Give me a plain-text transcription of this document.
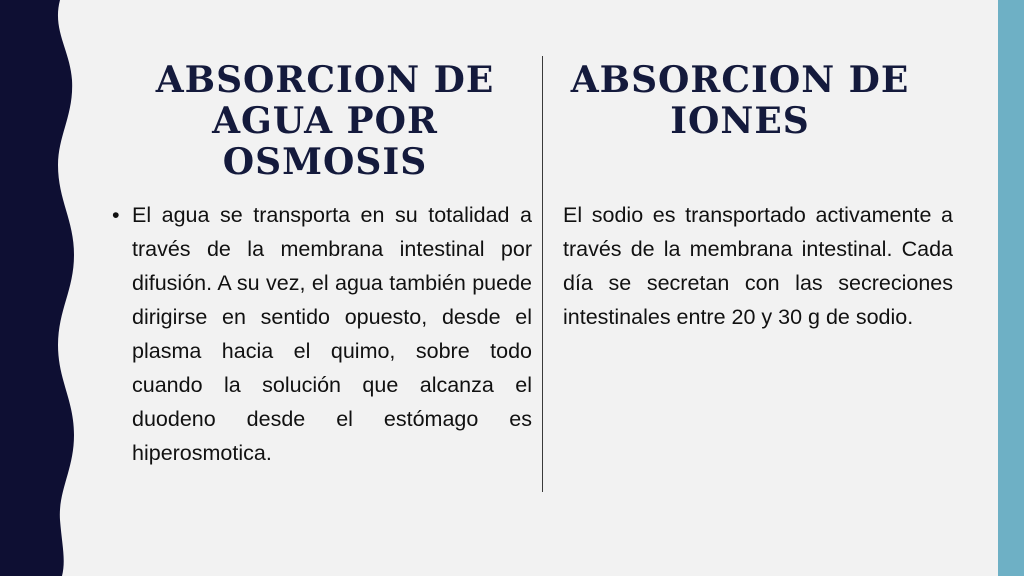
ABSORCION DE AGUA POR OSMOSIS
ABSORCION DE IONES
• El agua se transporta en su totalidad a través de la membrana intestinal por difusión. A su vez, el agua también puede dirigirse en sentido opuesto, desde el plasma hacia el quimo, sobre todo cuando la solución que alcanza el duodeno desde el estómago es hiperosmotica.
El sodio es transportado activamente a través de la membrana intestinal. Cada día se secretan con las secreciones intestinales entre 20 y 30 g de sodio.
